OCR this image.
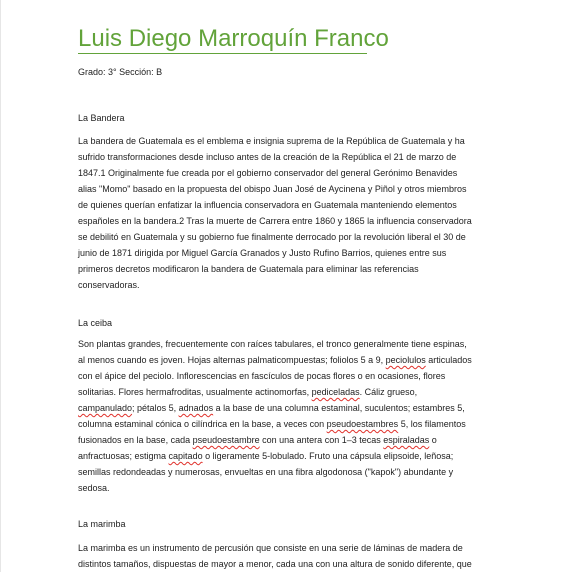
Luis Diego Marroquín Franco
Grado: 3° Sección: B
La Bandera
La bandera de Guatemala es el emblema e insignia suprema de la República de Guatemala y ha
sufrido transformaciones desde incluso antes de la creación de la República el 21 de marzo de
1847.1 Originalmente fue creada por el gobierno conservador del general Gerónimo Benavides
alias "Momo" basado en la propuesta del obispo Juan José de Aycinena y Piñol y otros miembros
de quienes querían enfatizar la influencia conservadora en Guatemala manteniendo elementos
españoles en la bandera.2 Tras la muerte de Carrera entre 1860 y 1865 la influencia conservadora
se debilitó en Guatemala y su gobierno fue finalmente derrocado por la revolución liberal el 30 de
junio de 1871 dirigida por Miguel García Granados y Justo Rufino Barrios, quienes entre sus
primeros decretos modificaron la bandera de Guatemala para eliminar las referencias
conservadoras.
La ceiba
Son plantas grandes, frecuentemente con raíces tabulares, el tronco generalmente tiene espinas,
al menos cuando es joven. Hojas alternas palmaticompuestas; foliolos 5 a 9, peciolulos articulados
con el ápice del peciolo. Inflorescencias en fascículos de pocas flores o en ocasiones, flores
solitarias. Flores hermafroditas, usualmente actinomorfas, pediceladas. Cáliz grueso,
campanulado; pétalos 5, adnados a la base de una columna estaminal, suculentos; estambres 5,
columna estaminal cónica o cilíndrica en la base, a veces con pseudoestambres 5, los filamentos
fusionados en la base, cada pseudoestambre con una antera con 1–3 tecas espiraladas o
anfractuosas; estigma capitado o ligeramente 5-lobulado. Fruto una cápsula elipsoide, leñosa;
semillas redondeadas y numerosas, envueltas en una fibra algodonosa ("kapok") abundante y
sedosa.
La marimba
La marimba es un instrumento de percusión que consiste en una serie de láminas de madera de
distintos tamaños, dispuestas de mayor a menor, cada una con una altura de sonido diferente, que
